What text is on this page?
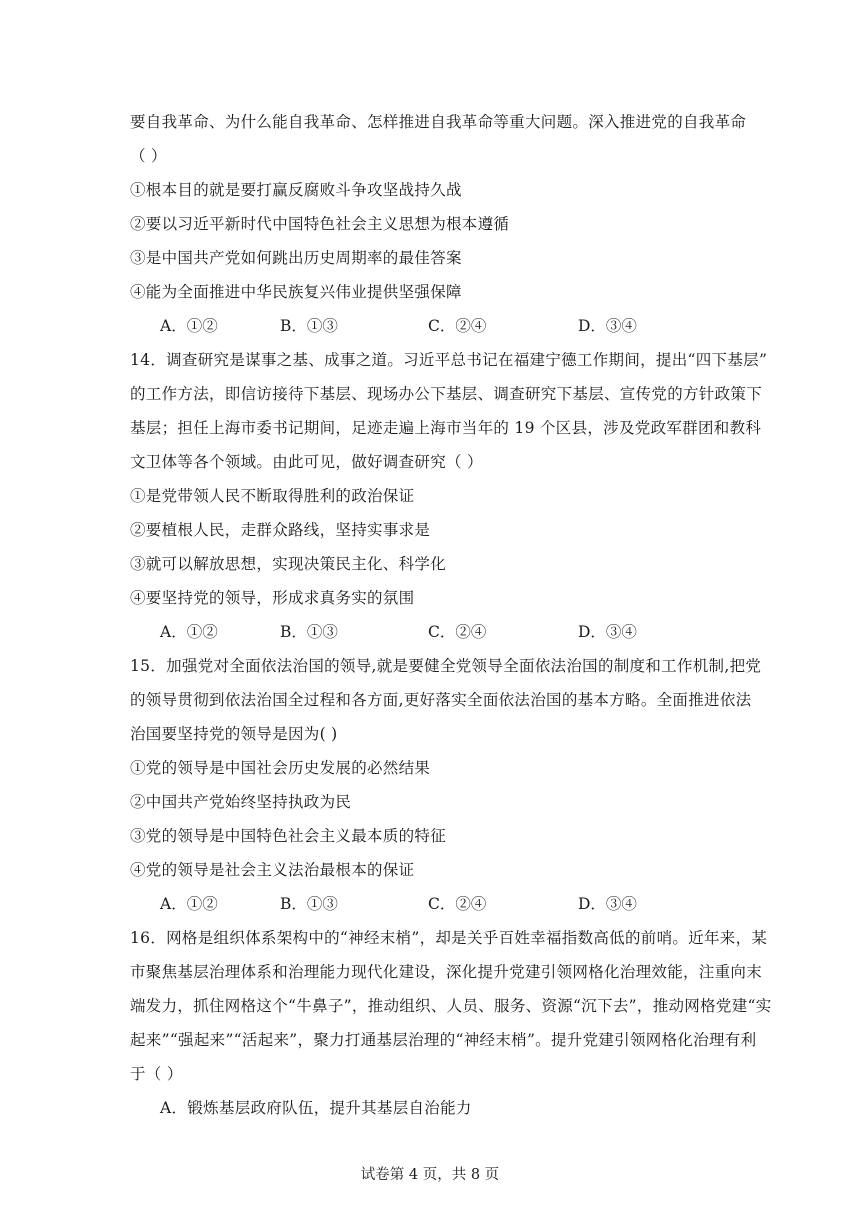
要自我革命、为什么能自我革命、怎样推进自我革命等重大问题。深入推进党的自我革命
（ ）
①根本目的就是要打赢反腐败斗争攻坚战持久战
②要以习近平新时代中国特色社会主义思想为根本遵循
③是中国共产党如何跳出历史周期率的最佳答案
④能为全面推进中华民族复兴伟业提供坚强保障
A．①②	B．①③	C．②④	D．③④
14．调查研究是谋事之基、成事之道。习近平总书记在福建宁德工作期间，提出“四下基层”
的工作方法，即信访接待下基层、现场办公下基层、调查研究下基层、宣传党的方针政策下
基层；担任上海市委书记期间，足迹走遍上海市当年的 19 个区县，涉及党政军群团和教科
文卫体等各个领域。由此可见，做好调查研究（ ）
①是党带领人民不断取得胜利的政治保证
②要植根人民，走群众路线，坚持实事求是
③就可以解放思想，实现决策民主化、科学化
④要坚持党的领导，形成求真务实的氛围
A．①②	B．①③	C．②④	D．③④
15．加强党对全面依法治国的领导,就是要健全党领导全面依法治国的制度和工作机制,把党
的领导贯彻到依法治国全过程和各方面,更好落实全面依法治国的基本方略。全面推进依法
治国要坚持党的领导是因为( )
①党的领导是中国社会历史发展的必然结果
②中国共产党始终坚持执政为民
③党的领导是中国特色社会主义最本质的特征
④党的领导是社会主义法治最根本的保证
A．①②	B．①③	C．②④	D．③④
16．网格是组织体系架构中的“神经末梢”，却是关乎百姓幸福指数高低的前哨。近年来，某
市聚焦基层治理体系和治理能力现代化建设，深化提升党建引领网格化治理效能，注重向末
端发力，抓住网格这个“牛鼻子”，推动组织、人员、服务、资源“沉下去”，推动网格党建“实
起来”“强起来”“活起来”，聚力打通基层治理的“神经末梢”。提升党建引领网格化治理有利
于（ ）
A．锻炼基层政府队伍，提升其基层自治能力
试卷第 4 页，共 8 页
